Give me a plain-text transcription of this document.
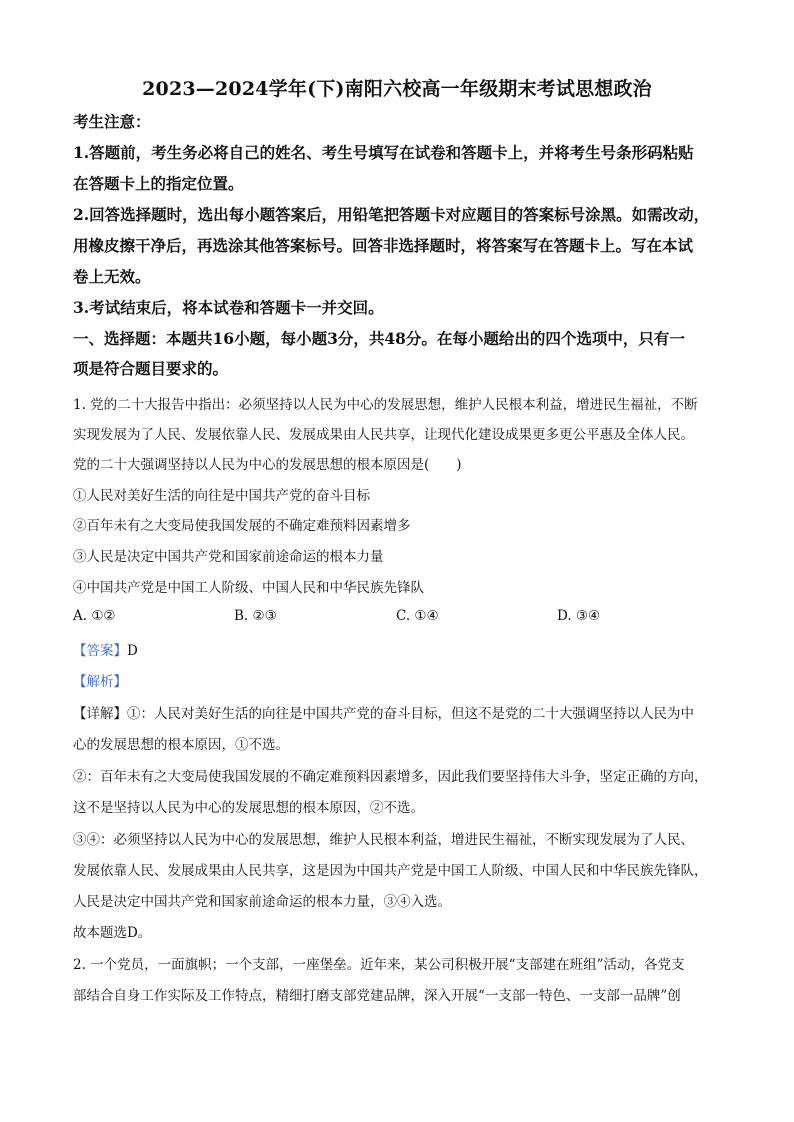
2023—2024学年(下)南阳六校高一年级期末考试思想政治
考生注意：
1.答题前，考生务必将自己的姓名、考生号填写在试卷和答题卡上，并将考生号条形码粘贴
在答题卡上的指定位置。
2.回答选择题时，选出每小题答案后，用铅笔把答题卡对应题目的答案标号涂黑。如需改动，
用橡皮擦干净后，再选涂其他答案标号。回答非选择题时，将答案写在答题卡上。写在本试
卷上无效。
3.考试结束后，将本试卷和答题卡一并交回。
一、选择题：本题共16小题，每小题3分，共48分。在每小题给出的四个选项中，只有一
项是符合题目要求的。
1. 党的二十大报告中指出：必须坚持以人民为中心的发展思想，维护人民根本利益，增进民生福祉，不断
实现发展为了人民、发展依靠人民、发展成果由人民共享，让现代化建设成果更多更公平惠及全体人民。
党的二十大强调坚持以人民为中心的发展思想的根本原因是(　　)
①人民对美好生活的向往是中国共产党的奋斗目标
②百年未有之大变局使我国发展的不确定难预料因素增多
③人民是决定中国共产党和国家前途命运的根本力量
④中国共产党是中国工人阶级、中国人民和中华民族先锋队
A. ①②	B. ②③	C. ①④	D. ③④
【答案】D
【解析】
【详解】①：人民对美好生活的向往是中国共产党的奋斗目标，但这不是党的二十大强调坚持以人民为中
心的发展思想的根本原因，①不选。
②：百年未有之大变局使我国发展的不确定难预料因素增多，因此我们要坚持伟大斗争，坚定正确的方向，
这不是坚持以人民为中心的发展思想的根本原因，②不选。
③④：必须坚持以人民为中心的发展思想，维护人民根本利益，增进民生福祉，不断实现发展为了人民、
发展依靠人民、发展成果由人民共享，这是因为中国共产党是中国工人阶级、中国人民和中华民族先锋队，
人民是决定中国共产党和国家前途命运的根本力量，③④入选。
故本题选D。
2. 一个党员，一面旗帜；一个支部，一座堡垒。近年来，某公司积极开展“支部建在班组”活动，各党支
部结合自身工作实际及工作特点，精细打磨支部党建品牌，深入开展“一支部一特色、一支部一品牌”创
